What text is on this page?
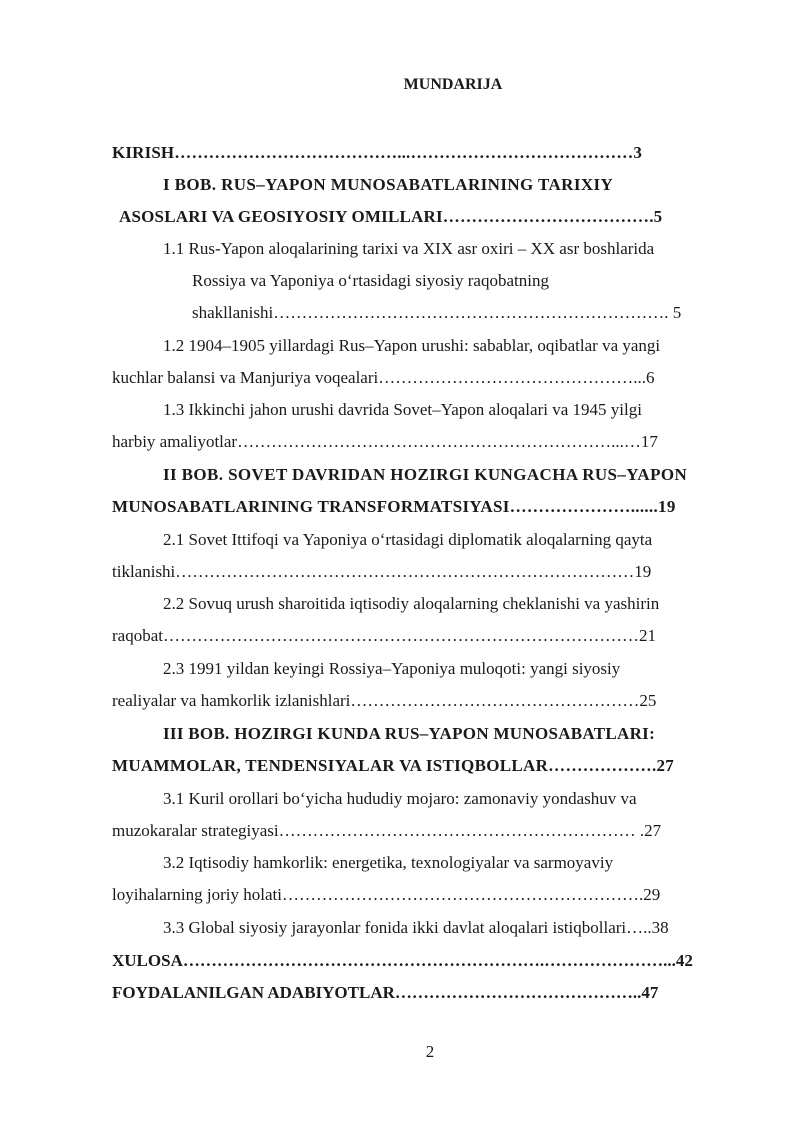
MUNDARIJA
KIRISH…………………………………...…………………………………3
I BOB. RUS–YAPON MUNOSABATLARINING TARIXIY
ASOSLARI VA GEOSIYOSIY OMILLARI……………………………….5
1.1 Rus-Yapon aloqalarining tarixi va XIX asr oxiri – XX asr boshlarida
Rossiya va Yaponiya o‘rtasidagi siyosiy raqobatning
shakllanishi……………………………………………………………. 5
1.2 1904–1905 yillardagi Rus–Yapon urushi: sabablar, oqibatlar va yangi
kuchlar balansi va Manjuriya voqealari………………………………………...6
1.3 Ikkinchi jahon urushi davrida Sovet–Yapon aloqalari va 1945 yilgi
harbiy amaliyotlar…………………………………………………………...…17
II BOB. SOVET DAVRIDAN HOZIRGI KUNGACHA RUS–YAPON
MUNOSABATLARINING TRANSFORMATSIYASI…………………......19
2.1 Sovet Ittifoqi va Yaponiya o‘rtasidagi diplomatik aloqalarning qayta
tiklanishi………………………………………………………………………19
2.2 Sovuq urush sharoitida iqtisodiy aloqalarning cheklanishi va yashirin
raqobat…………………………………………………………………………21
2.3 1991 yildan keyingi Rossiya–Yaponiya muloqoti: yangi siyosiy
realiyalar va hamkorlik izlanishlari……………………………………………25
III BOB. HOZIRGI KUNDA RUS–YAPON MUNOSABATLARI:
MUAMMOLAR, TENDENSIYALAR VA ISTIQBOLLAR……………….27
3.1 Kuril orollari bo‘yicha hududiy mojaro: zamonaviy yondashuv va
muzokaralar strategiyasi……………………………………………………… .27
3.2 Iqtisodiy hamkorlik: energetika, texnologiyalar va sarmoyaviy
loyihalarning joriy holati……………………………………………………….29
3.3 Global siyosiy jarayonlar fonida ikki davlat aloqalari istiqbollari…..38
XULOSA……………………………………………………….…………………...42
FOYDALANILGAN ADABIYOTLAR……………………………………..47
2
